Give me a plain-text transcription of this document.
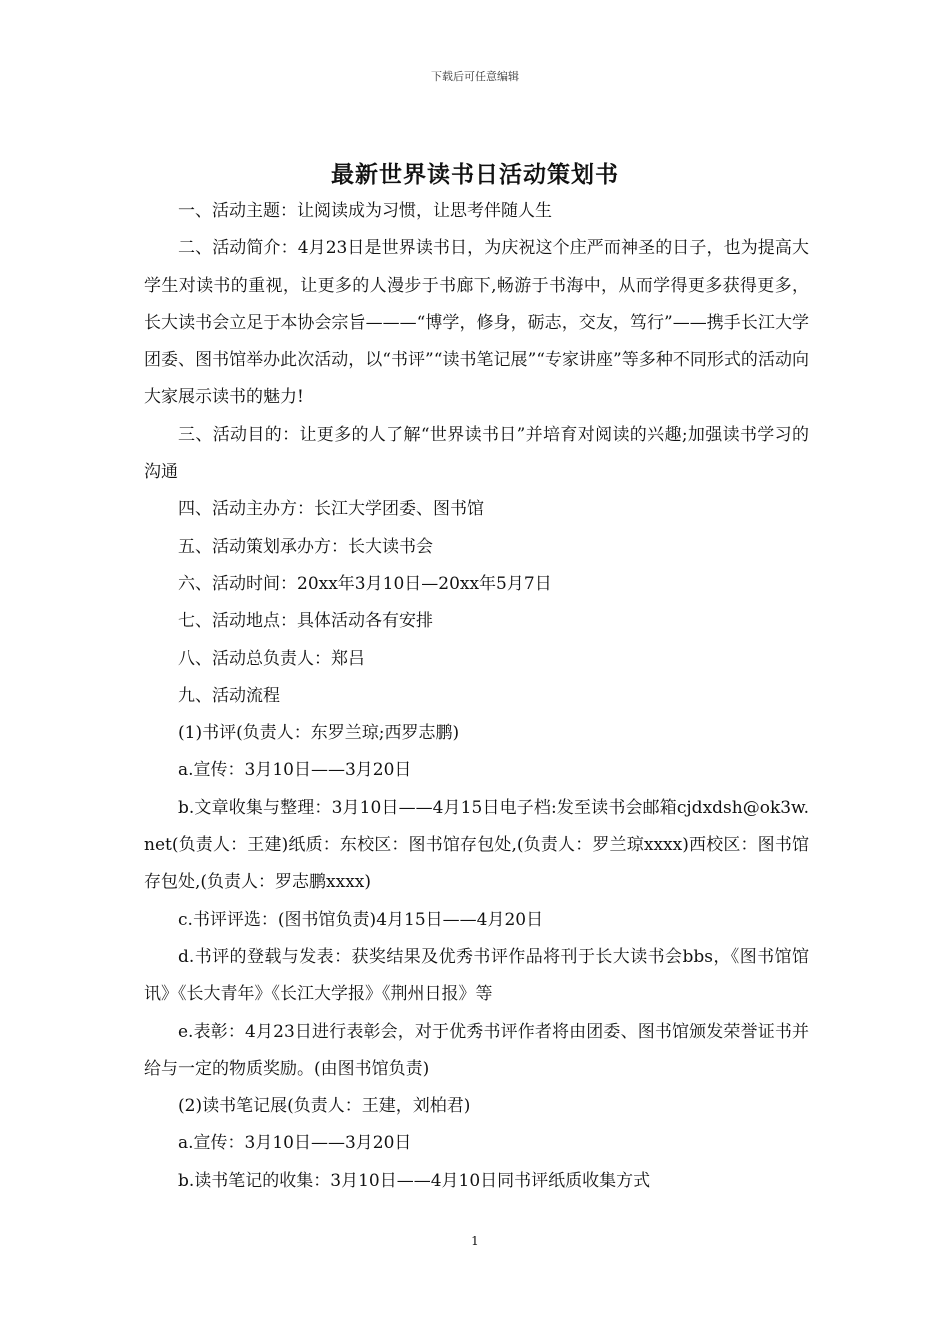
下载后可任意编辑
最新世界读书日活动策划书

一、活动主题：让阅读成为习惯，让思考伴随人生

二、活动简介：4月23日是世界读书日，为庆祝这个庄严而神圣的日子，也为提高大学生对读书的重视，让更多的人漫步于书廊下,畅游于书海中，从而学得更多获得更多，长大读书会立足于本协会宗旨———“博学，修身，砺志，交友，笃行”——携手长江大学团委、图书馆举办此次活动，以“书评”“读书笔记展”“专家讲座”等多种不同形式的活动向大家展示读书的魅力!

三、活动目的：让更多的人了解“世界读书日”并培育对阅读的兴趣;加强读书学习的沟通

四、活动主办方：长江大学团委、图书馆

五、活动策划承办方：长大读书会

六、活动时间：20xx年3月10日—20xx年5月7日

七、活动地点：具体活动各有安排

八、活动总负责人：郑吕

九、活动流程

(1)书评(负责人：东罗兰琼;西罗志鹏)

a.宣传：3月10日——3月20日

b.文章收集与整理：3月10日——4月15日电子档:发至读书会邮箱cjdxdsh@ok3w.net(负责人：王建)纸质：东校区：图书馆存包处,(负责人：罗兰琼xxxx)西校区：图书馆存包处,(负责人：罗志鹏xxxx)

c.书评评选：(图书馆负责)4月15日——4月20日

d.书评的登载与发表：获奖结果及优秀书评作品将刊于长大读书会bbs，《图书馆馆讯》《长大青年》《长江大学报》《荆州日报》等

e.表彰：4月23日进行表彰会，对于优秀书评作者将由团委、图书馆颁发荣誉证书并给与一定的物质奖励。(由图书馆负责)

(2)读书笔记展(负责人：王建，刘柏君)

a.宣传：3月10日——3月20日

b.读书笔记的收集：3月10日——4月10日同书评纸质收集方式

1
